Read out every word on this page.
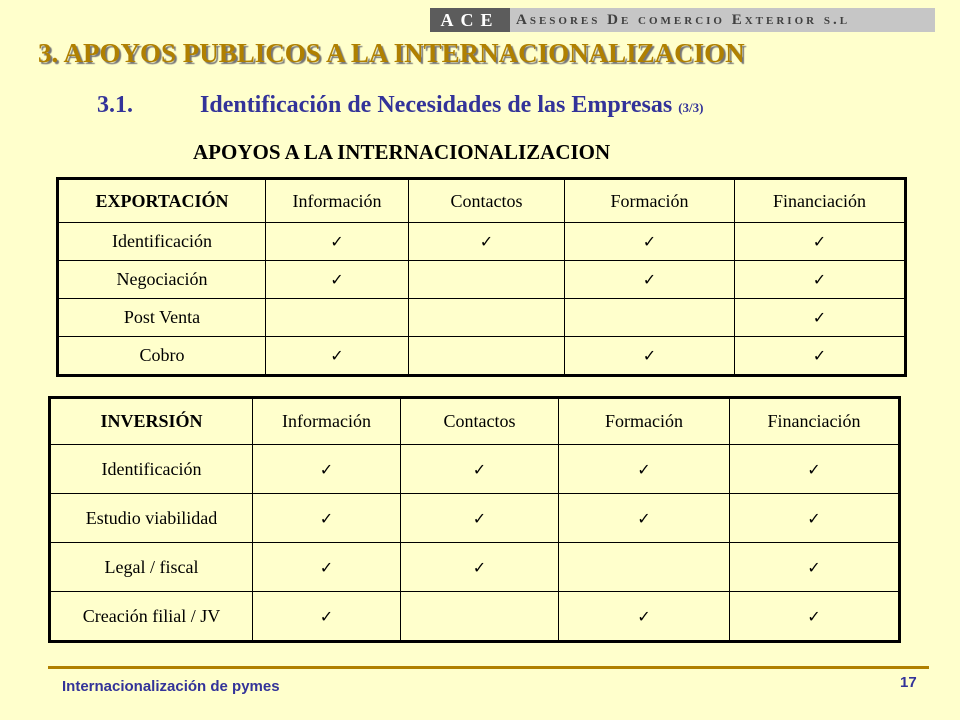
ACE	Asesores De comercio Exterior s.l
3. APOYOS PUBLICOS A LA INTERNACIONALIZACION
3.1.	Identificación de Necesidades de las Empresas (3/3)
APOYOS A LA INTERNACIONALIZACION
EXPORTACIÓN	Información	Contactos	Formación	Financiación
Identificación	✓	✓	✓	✓
Negociación	✓		✓	✓
Post Venta				✓
Cobro	✓		✓	✓
INVERSIÓN	Información	Contactos	Formación	Financiación
Identificación	✓	✓	✓	✓
Estudio viabilidad	✓	✓	✓	✓
Legal / fiscal	✓	✓		✓
Creación filial / JV	✓		✓	✓
Internacionalización de pymes	17
